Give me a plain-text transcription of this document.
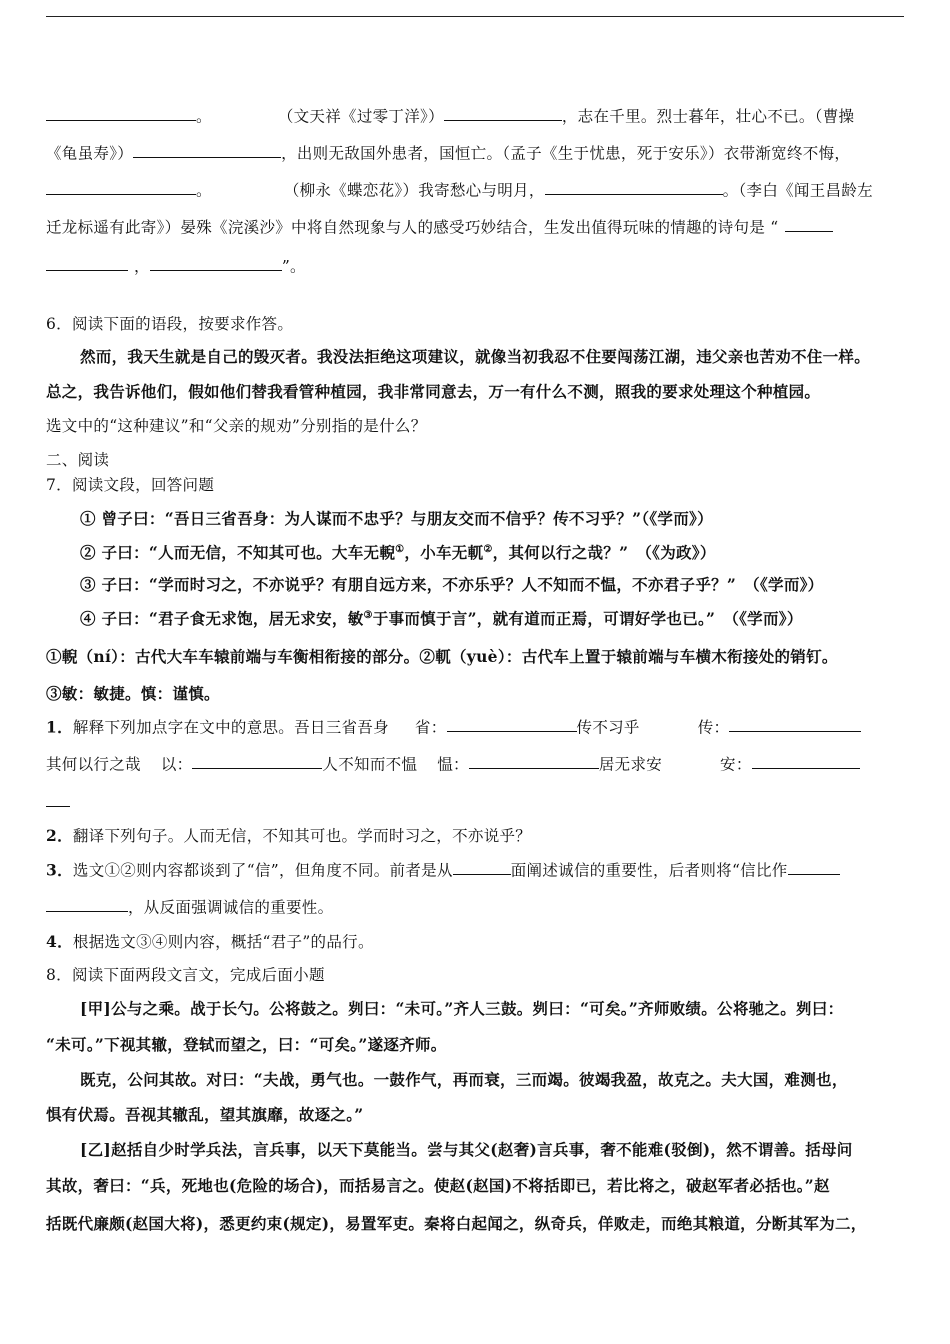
。	（文天祥《过零丁洋》）	，志在千里。烈士暮年，壮心不已。（曹操
《龟虽寿》）	，出则无敌国外患者，国恒亡。（孟子《生于忧患，死于安乐》）衣带渐宽终不悔，
。	（柳永《蝶恋花》）我寄愁心与明月，	。（李白《闻王昌龄左
迁龙标遥有此寄》）晏殊《浣溪沙》中将自然现象与人的感受巧妙结合，生发出值得玩味的情趣的诗句是 “
，	”。
6．阅读下面的语段，按要求作答。
然而，我天生就是自己的毁灭者。我没法拒绝这项建议，就像当初我忍不住要闯荡江湖，违父亲也苦劝不住一样。
总之，我告诉他们，假如他们替我看管种植园，我非常同意去，万一有什么不测，照我的要求处理这个种植园。
选文中的“这种建议”和“父亲的规劝”分别指的是什么？
二、阅读
7．阅读文段，回答问题
① 曾子曰：“吾日三省吾身：为人谋而不忠乎？与朋友交而不信乎？传不习乎？”（《学而》）
② 子曰：“人而无信，不知其可也。大车无輗①，小车无軏②，其何以行之哉？”　（《为政》）
③ 子曰：“学而时习之，不亦说乎？有朋自远方来，不亦乐乎？人不知而不愠，不亦君子乎？”　（《学而》）
④ 子曰：“君子食无求饱，居无求安，敏③于事而慎于言”，就有道而正焉，可谓好学也已。”　（《学而》）
①輗（ní）：古代大车车辕前端与车衡相衔接的部分。②軏（yuè）：古代车上置于辕前端与车横木衔接处的销钉。
③敏：敏捷。慎：谨慎。
1．解释下列加点字在文中的意思。吾日三省吾身 省：	传不习乎	传：
其何以行之哉 以：	人不知而不愠 愠：	居无求安	安：
2．翻译下列句子。人而无信，不知其可也。学而时习之，不亦说乎？
3．选文①②则内容都谈到了“信”，但角度不同。前者是从	面阐述诚信的重要性，后者则将“信比作
，从反面强调诚信的重要性。
4．根据选文③④则内容，概括“君子”的品行。
8．阅读下面两段文言文，完成后面小题
[甲]公与之乘。战于长勺。公将鼓之。刿曰：“未可。”齐人三鼓。刿曰：“可矣。”齐师败绩。公将驰之。刿曰：
“未可。”下视其辙，登轼而望之，曰：“可矣。”遂逐齐师。
既克，公问其故。对曰：“夫战，勇气也。一鼓作气，再而衰，三而竭。彼竭我盈，故克之。夫大国，难测也，
惧有伏焉。吾视其辙乱，望其旗靡，故逐之。”
[乙]赵括自少时学兵法，言兵事，以天下莫能当。尝与其父(赵奢)言兵事，奢不能难(驳倒)，然不谓善。括母问
其故，奢曰：“兵，死地也(危险的场合)，而括易言之。使赵(赵国)不将括即已，若比将之，破赵军者必括也。”赵
括既代廉颇(赵国大将)，悉更约束(规定)，易置军吏。秦将白起闻之，纵奇兵，佯败走，而绝其粮道，分断其军为二，
